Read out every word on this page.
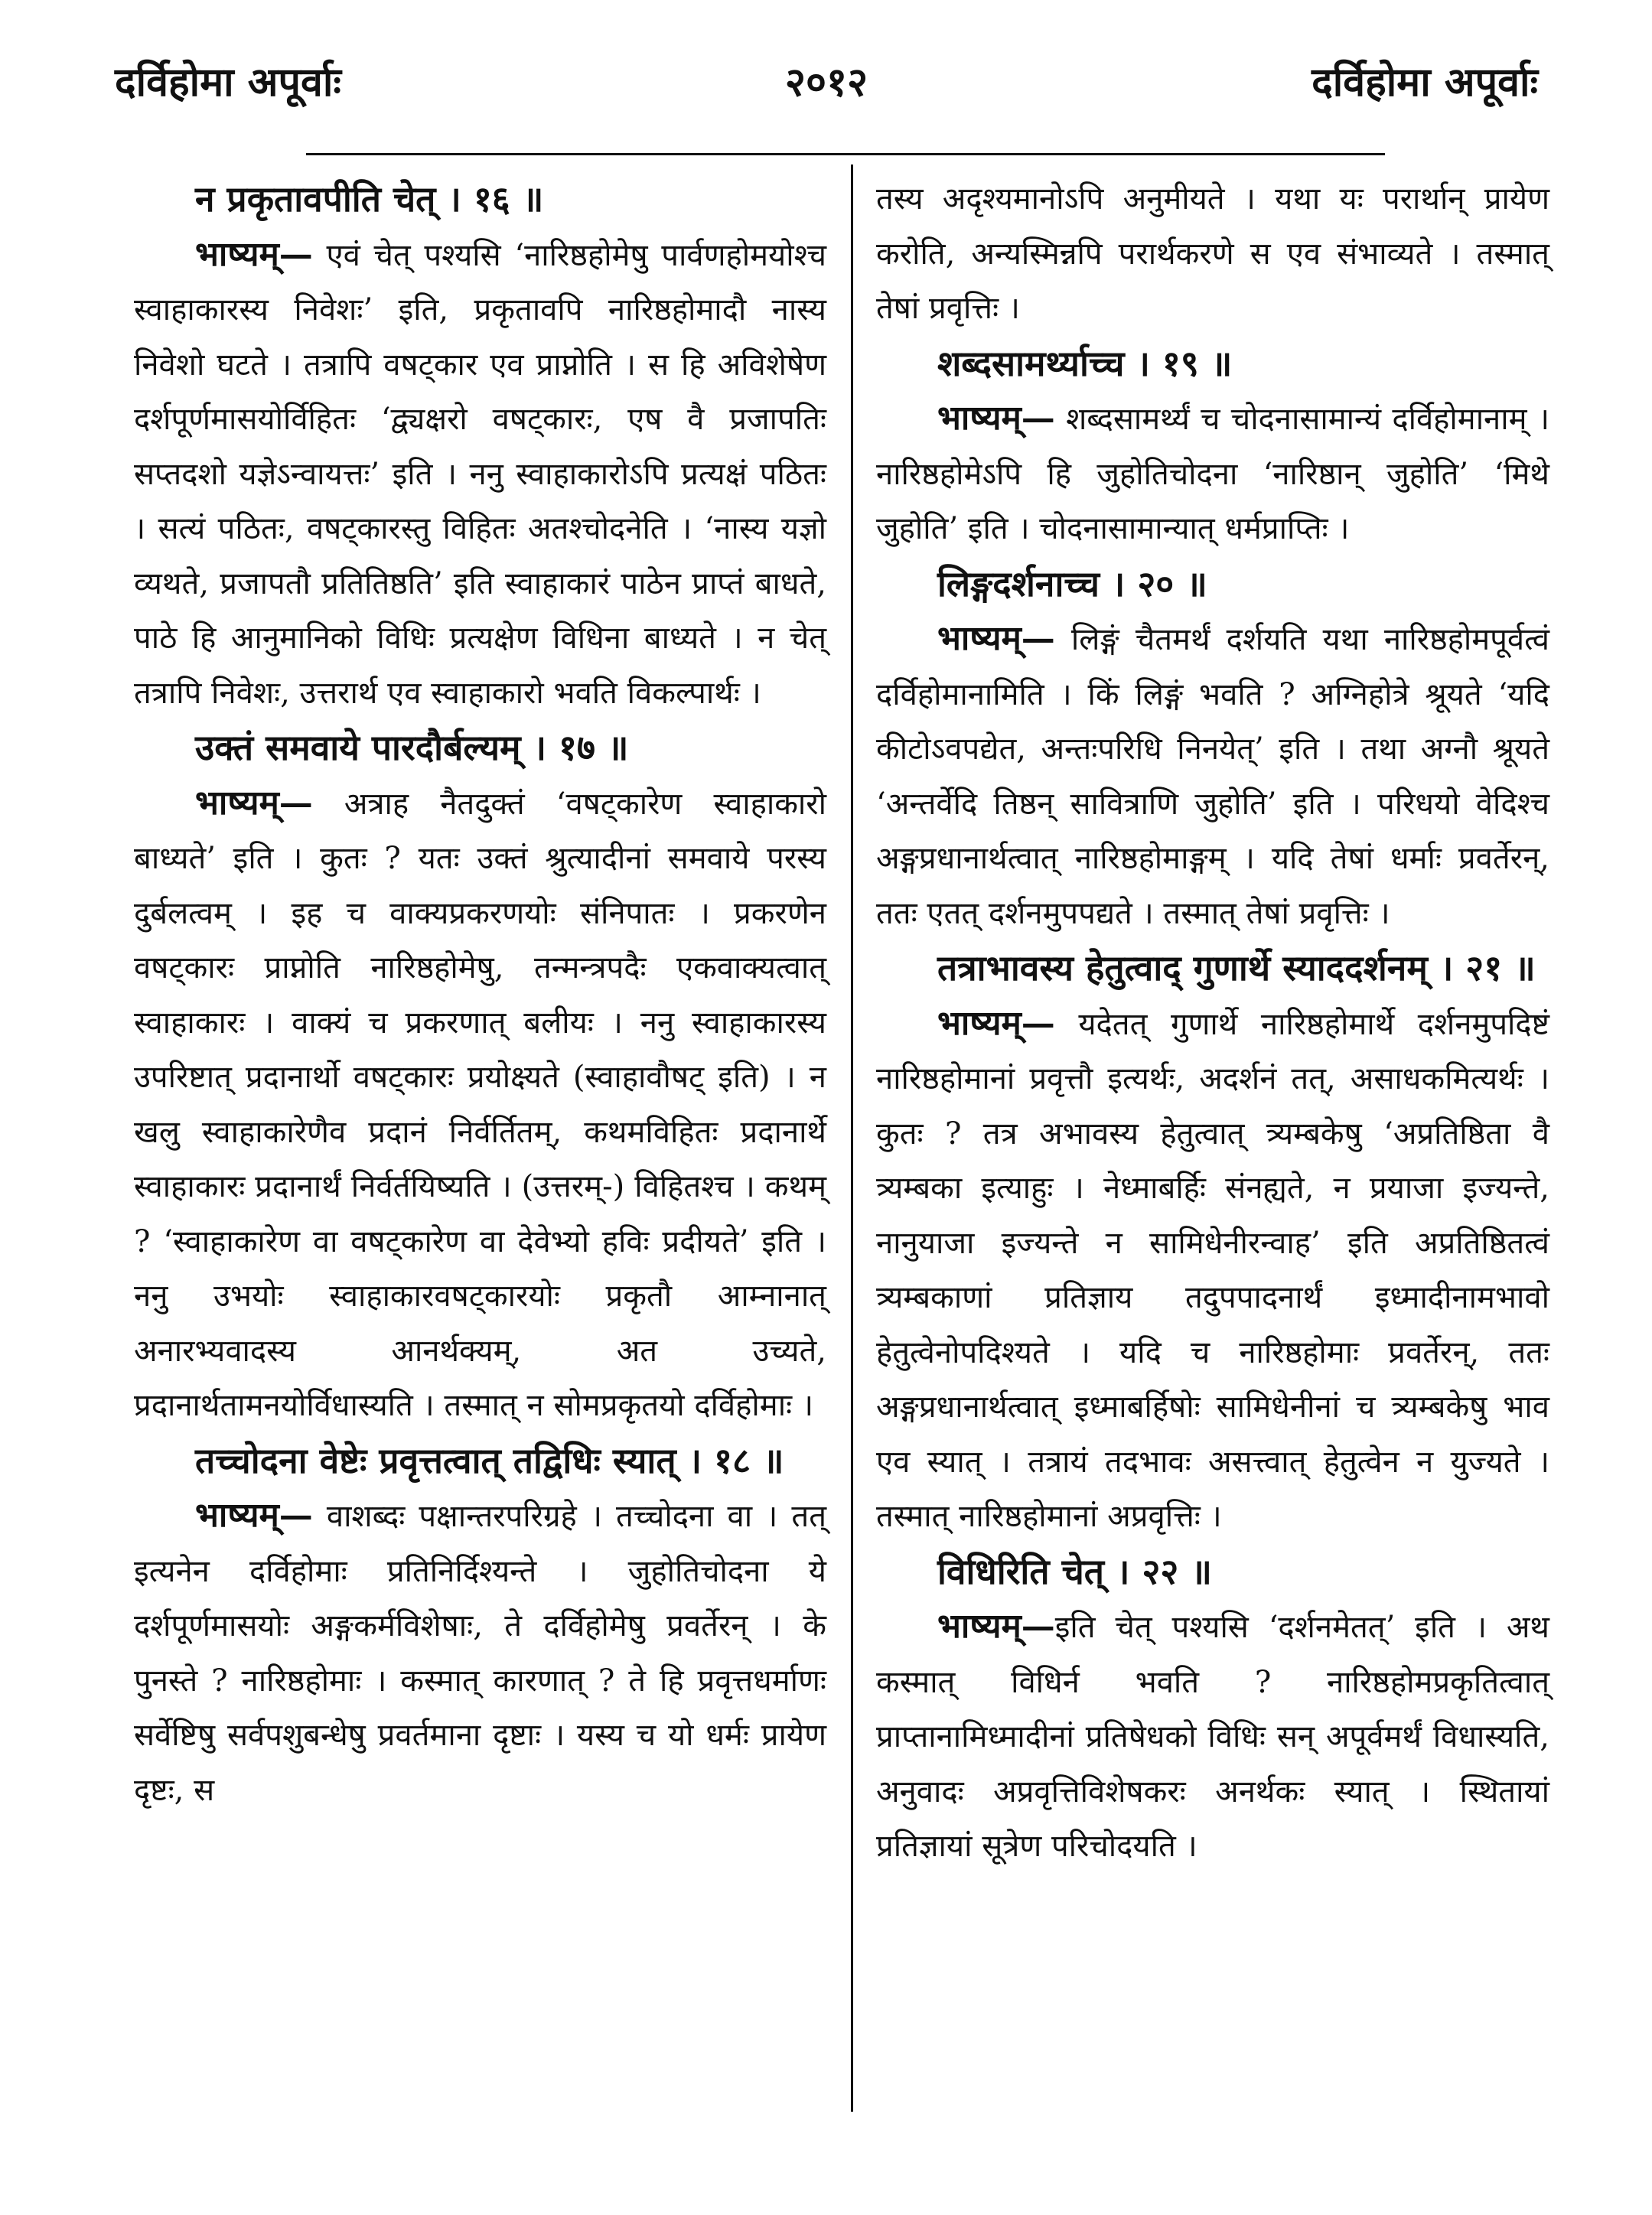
दर्विहोमा अपूर्वाः	२०१२	दर्विहोमा अपूर्वाः

न प्रकृतावपीति चेत् । १६ ॥

भाष्यम्— एवं चेत् पश्यसि ‘नारिष्ठहोमेषु पार्वणहोमयोश्च स्वाहाकारस्य निवेशः’ इति, प्रकृतावपि नारिष्ठहोमादौ नास्य निवेशो घटते । तत्रापि वषट्कार एव प्राप्नोति । स हि अविशेषेण दर्शपूर्णमासयोर्विहितः ‘द्व्यक्षरो वषट्कारः, एष वै प्रजापतिः सप्तदशो यज्ञेऽन्वायत्तः’ इति । ननु स्वाहाकारोऽपि प्रत्यक्षं पठितः । सत्यं पठितः, वषट्कारस्तु विहितः अतश्चोदनेति । ‘नास्य यज्ञो व्यथते, प्रजापतौ प्रतितिष्ठति’ इति स्वाहाकारं पाठेन प्राप्तं बाधते, पाठे हि आनुमानिको विधिः प्रत्यक्षेण विधिना बाध्यते । न चेत् तत्रापि निवेशः, उत्तरार्थ एव स्वाहाकारो भवति विकल्पार्थः ।

उक्तं समवाये पारदौर्बल्यम् । १७ ॥

भाष्यम्— अत्राह नैतदुक्तं ‘वषट्कारेण स्वाहाकारो बाध्यते’ इति । कुतः ? यतः उक्तं श्रुत्यादीनां समवाये परस्य दुर्बलत्वम् । इह च वाक्यप्रकरणयोः संनिपातः । प्रकरणेन वषट्कारः प्राप्नोति नारिष्ठहोमेषु, तन्मन्त्रपदैः एकवाक्यत्वात् स्वाहाकारः । वाक्यं च प्रकरणात् बलीयः । ननु स्वाहाकारस्य उपरिष्टात् प्रदानार्थो वषट्कारः प्रयोक्ष्यते (स्वाहावौषट् इति) । न खलु स्वाहाकारेणैव प्रदानं निर्वर्तितम्, कथमविहितः प्रदानार्थे स्वाहाकारः प्रदानार्थं निर्वर्तयिष्यति । (उत्तरम्-) विहितश्च । कथम् ? ‘स्वाहाकारेण वा वषट्कारेण वा देवेभ्यो हविः प्रदीयते’ इति । ननु उभयोः स्वाहाकारवषट्कारयोः प्रकृतौ आम्नानात् अनारभ्यवादस्य आनर्थक्यम्, अत उच्यते, प्रदानार्थतामनयोर्विधास्यति । तस्मात् न सोमप्रकृतयो दर्विहोमाः ।

तच्चोदना वेष्टेः प्रवृत्तत्वात् तद्विधिः स्यात् । १८ ॥

भाष्यम्— वाशब्दः पक्षान्तरपरिग्रहे । तच्चोदना वा । तत् इत्यनेन दर्विहोमाः प्रतिनिर्दिश्यन्ते । जुहोतिचोदना ये दर्शपूर्णमासयोः अङ्गकर्मविशेषाः, ते दर्विहोमेषु प्रवर्तेरन् । के पुनस्ते ? नारिष्ठहोमाः । कस्मात् कारणात् ? ते हि प्रवृत्तधर्माणः सर्वेष्टिषु सर्वपशुबन्धेषु प्रवर्तमाना दृष्टाः । यस्य च यो धर्मः प्रायेण दृष्टः, स

तस्य अदृश्यमानोऽपि अनुमीयते । यथा यः परार्थान् प्रायेण करोति, अन्यस्मिन्नपि परार्थकरणे स एव संभाव्यते । तस्मात् तेषां प्रवृत्तिः ।

शब्दसामर्थ्याच्च । १९ ॥

भाष्यम्— शब्दसामर्थ्यं च चोदनासामान्यं दर्विहोमानाम् । नारिष्ठहोमेऽपि हि जुहोतिचोदना ‘नारिष्ठान् जुहोति’ ‘मिथे जुहोति’ इति । चोदनासामान्यात् धर्मप्राप्तिः ।

लिङ्गदर्शनाच्च । २० ॥

भाष्यम्— लिङ्गं चैतमर्थं दर्शयति यथा नारिष्ठहोमपूर्वत्वं दर्विहोमानामिति । किं लिङ्गं भवति ? अग्निहोत्रे श्रूयते ‘यदि कीटोऽवपद्येत, अन्तःपरिधि निनयेत्’ इति । तथा अग्नौ श्रूयते ‘अन्तर्वेदि तिष्ठन् सावित्राणि जुहोति’ इति । परिधयो वेदिश्च अङ्गप्रधानार्थत्वात् नारिष्ठहोमाङ्गम् । यदि तेषां धर्माः प्रवर्तेरन्, ततः एतत् दर्शनमुपपद्यते । तस्मात् तेषां प्रवृत्तिः ।

तत्राभावस्य हेतुत्वाद् गुणार्थे स्याददर्शनम् । २१ ॥

भाष्यम्— यदेतत् गुणार्थे नारिष्ठहोमार्थे दर्शनमुपदिष्टं नारिष्ठहोमानां प्रवृत्तौ इत्यर्थः, अदर्शनं तत्, असाधकमित्यर्थः । कुतः ? तत्र अभावस्य हेतुत्वात् त्र्यम्बकेषु ‘अप्रतिष्ठिता वै त्र्यम्बका इत्याहुः । नेध्माबर्हिः संनह्यते, न प्रयाजा इज्यन्ते, नानुयाजा इज्यन्ते न सामिधेनीरन्वाह’ इति अप्रतिष्ठितत्वं त्र्यम्बकाणां प्रतिज्ञाय तदुपपादनार्थं इध्मादीनामभावो हेतुत्वेनोपदिश्यते । यदि च नारिष्ठहोमाः प्रवर्तेरन्, ततः अङ्गप्रधानार्थत्वात् इध्माबर्हिषोः सामिधेनीनां च त्र्यम्बकेषु भाव एव स्यात् । तत्रायं तदभावः असत्त्वात् हेतुत्वेन न युज्यते । तस्मात् नारिष्ठहोमानां अप्रवृत्तिः ।

विधिरिति चेत् । २२ ॥

भाष्यम्—इति चेत् पश्यसि ‘दर्शनमेतत्’ इति । अथ कस्मात् विधिर्न भवति ? नारिष्ठहोमप्रकृतित्वात् प्राप्तानामिध्मादीनां प्रतिषेधको विधिः सन् अपूर्वमर्थं विधास्यति, अनुवादः अप्रवृत्तिविशेषकरः अनर्थकः स्यात् । स्थितायां प्रतिज्ञायां सूत्रेण परिचोदयति ।
